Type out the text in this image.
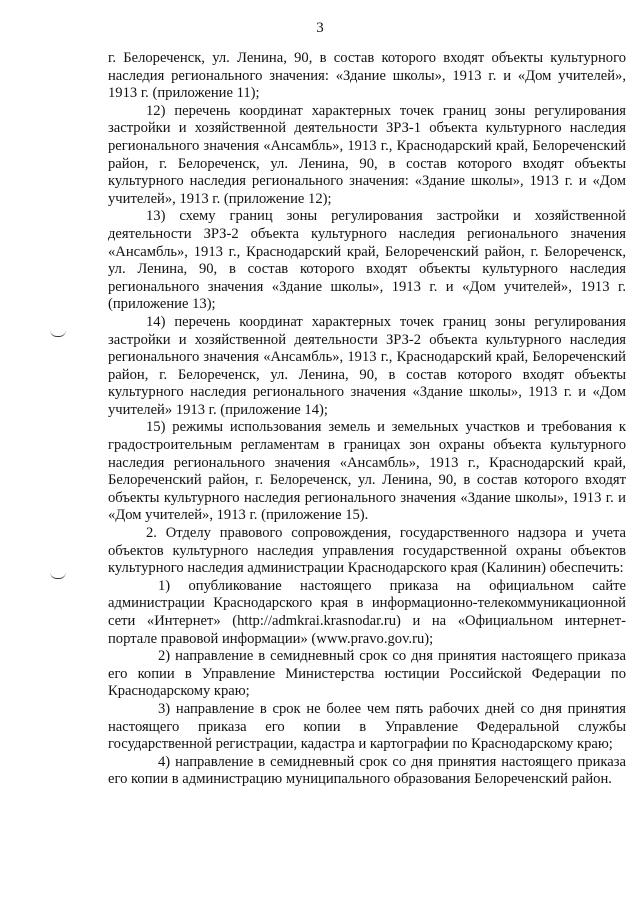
3

г. Белореченск, ул. Ленина, 90, в состав которого входят объекты культурного наследия регионального значения: «Здание школы», 1913 г. и «Дом учителей», 1913 г. (приложение 11);

12) перечень координат характерных точек границ зоны регулирования застройки и хозяйственной деятельности ЗРЗ-1 объекта культурного наследия регионального значения «Ансамбль», 1913 г., Краснодарский край, Белореченский район, г. Белореченск, ул. Ленина, 90, в состав которого входят объекты культурного наследия регионального значения: «Здание школы», 1913 г. и «Дом учителей», 1913 г. (приложение 12);

13) схему границ зоны регулирования застройки и хозяйственной деятельности ЗРЗ-2 объекта культурного наследия регионального значения «Ансамбль», 1913 г., Краснодарский край, Белореченский район, г. Белореченск, ул. Ленина, 90, в состав которого входят объекты культурного наследия регионального значения «Здание школы», 1913 г. и «Дом учителей», 1913 г. (приложение 13);

14) перечень координат характерных точек границ зоны регулирования застройки и хозяйственной деятельности ЗРЗ-2 объекта культурного наследия регионального значения «Ансамбль», 1913 г., Краснодарский край, Белореченский район, г. Белореченск, ул. Ленина, 90, в состав которого входят объекты культурного наследия регионального значения «Здание школы», 1913 г. и «Дом учителей» 1913 г. (приложение 14);

15) режимы использования земель и земельных участков и требования к градостроительным регламентам в границах зон охраны объекта культурного наследия регионального значения «Ансамбль», 1913 г., Краснодарский край, Белореченский район, г. Белореченск, ул. Ленина, 90, в состав которого входят объекты культурного наследия регионального значения «Здание школы», 1913 г. и «Дом учителей», 1913 г. (приложение 15).

2. Отделу правового сопровождения, государственного надзора и учета объектов культурного наследия управления государственной охраны объектов культурного наследия администрации Краснодарского края (Калинин) обеспечить:

1) опубликование настоящего приказа на официальном сайте администрации Краснодарского края в информационно-телекоммуникационной сети «Интернет» (http://admkrai.krasnodar.ru) и на «Официальном интернет-портале правовой информации» (www.pravo.gov.ru);

2) направление в семидневный срок со дня принятия настоящего приказа его копии в Управление Министерства юстиции Российской Федерации по Краснодарскому краю;

3) направление в срок не более чем пять рабочих дней со дня принятия настоящего приказа его копии в Управление Федеральной службы государственной регистрации, кадастра и картографии по Краснодарскому краю;

4) направление в семидневный срок со дня принятия настоящего приказа его копии в администрацию муниципального образования Белореченский район.
